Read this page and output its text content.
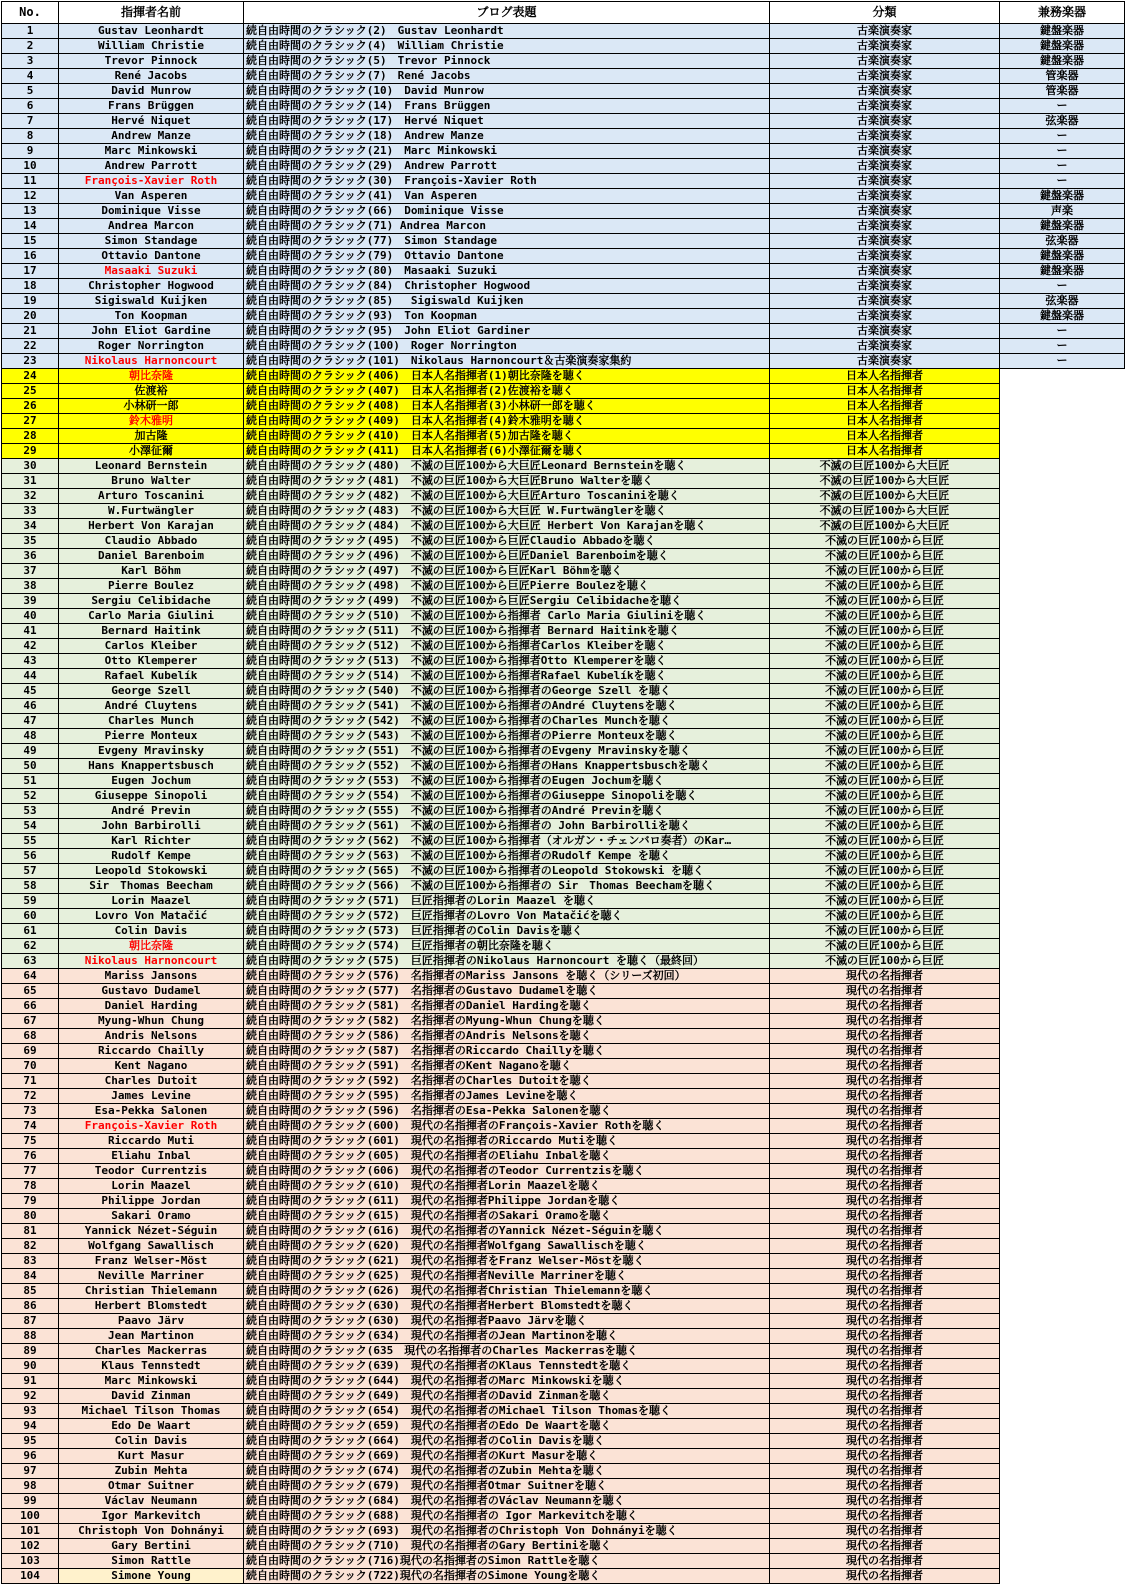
No.	指揮者名前	ブログ表題	分類	兼務楽器
1	Gustav Leonhardt	続自由時間のクラシック(2)　Gustav Leonhardt	古楽演奏家	鍵盤楽器
2	William Christie	続自由時間のクラシック(4)　William Christie	古楽演奏家	鍵盤楽器
3	Trevor Pinnock	続自由時間のクラシック(5)　Trevor Pinnock	古楽演奏家	鍵盤楽器
4	René Jacobs	続自由時間のクラシック(7)　René Jacobs	古楽演奏家	管楽器
5	David Munrow	続自由時間のクラシック(10)　David Munrow	古楽演奏家	管楽器
6	Frans Brüggen	続自由時間のクラシック(14)　Frans Brüggen	古楽演奏家	ー
7	Hervé Niquet	続自由時間のクラシック(17)　Hervé Niquet	古楽演奏家	弦楽器
8	Andrew Manze	続自由時間のクラシック(18)　Andrew Manze	古楽演奏家	ー
9	Marc Minkowski	続自由時間のクラシック(21)　Marc Minkowski	古楽演奏家	ー
10	Andrew Parrott	続自由時間のクラシック(29)　Andrew Parrott	古楽演奏家	ー
11	François-Xavier Roth	続自由時間のクラシック(30)　François-Xavier Roth	古楽演奏家	ー
12	Van Asperen	続自由時間のクラシック(41)　Van Asperen	古楽演奏家	鍵盤楽器
13	Dominique Visse	続自由時間のクラシック(66)　Dominique Visse	古楽演奏家	声楽
14	Andrea Marcon	続自由時間のクラシック(71) Andrea Marcon	古楽演奏家	鍵盤楽器
15	Simon Standage	続自由時間のクラシック(77)　Simon Standage	古楽演奏家	弦楽器
16	Ottavio Dantone	続自由時間のクラシック(79)　Ottavio Dantone	古楽演奏家	鍵盤楽器
17	Masaaki Suzuki	続自由時間のクラシック(80)　Masaaki Suzuki	古楽演奏家	鍵盤楽器
18	Christopher Hogwood	続自由時間のクラシック(84)　Christopher Hogwood	古楽演奏家	ー
19	Sigiswald Kuijken	続自由時間のクラシック(85)　 Sigiswald Kuijken	古楽演奏家	弦楽器
20	Ton Koopman	続自由時間のクラシック(93)　Ton Koopman	古楽演奏家	鍵盤楽器
21	John Eliot Gardine	続自由時間のクラシック(95)　John Eliot Gardiner	古楽演奏家	ー
22	Roger Norrington	続自由時間のクラシック(100)　Roger Norrington	古楽演奏家	ー
23	Nikolaus Harnoncourt	続自由時間のクラシック(101)　Nikolaus Harnoncourt＆古楽演奏家集約	古楽演奏家	ー
24	朝比奈隆	続自由時間のクラシック(406)　日本人名指揮者(1)朝比奈隆を聴く	日本人名指揮者	
25	佐渡裕	続自由時間のクラシック(407)　日本人名指揮者(2)佐渡裕を聴く	日本人名指揮者	
26	小林研一郎	続自由時間のクラシック(408)　日本人名指揮者(3)小林研一郎を聴く	日本人名指揮者	
27	鈴木雅明	続自由時間のクラシック(409)　日本人名指揮者(4)鈴木雅明を聴く	日本人名指揮者	
28	加古隆	続自由時間のクラシック(410)　日本人名指揮者(5)加古隆を聴く	日本人名指揮者	
29	小澤征爾	続自由時間のクラシック(411)　日本人名指揮者(6)小澤征爾を聴く	日本人名指揮者	
30	Leonard Bernstein	続自由時間のクラシック(480)　不滅の巨匠100から大巨匠Leonard Bernsteinを聴く	不滅の巨匠100から大巨匠	
31	Bruno Walter	続自由時間のクラシック(481)　不滅の巨匠100から大巨匠Bruno Walterを聴く	不滅の巨匠100から大巨匠	
32	Arturo Toscanini	続自由時間のクラシック(482)　不滅の巨匠100から大巨匠Arturo Toscaniniを聴く	不滅の巨匠100から大巨匠	
33	W.Furtwängler	続自由時間のクラシック(483)　不滅の巨匠100から大巨匠 W.Furtwänglerを聴く	不滅の巨匠100から大巨匠	
34	Herbert Von Karajan	続自由時間のクラシック(484)　不滅の巨匠100から大巨匠 Herbert Von Karajanを聴く	不滅の巨匠100から大巨匠	
35	Claudio Abbado	続自由時間のクラシック(495)　不滅の巨匠100から巨匠Claudio Abbadoを聴く	不滅の巨匠100から巨匠	
36	Daniel Barenboim	続自由時間のクラシック(496)　不滅の巨匠100から巨匠Daniel Barenboimを聴く	不滅の巨匠100から巨匠	
37	Karl Böhm	続自由時間のクラシック(497)　不滅の巨匠100から巨匠Karl Böhmを聴く	不滅の巨匠100から巨匠	
38	Pierre Boulez	続自由時間のクラシック(498)　不滅の巨匠100から巨匠Pierre Boulezを聴く	不滅の巨匠100から巨匠	
39	Sergiu Celibidache	続自由時間のクラシック(499)　不滅の巨匠100から巨匠Sergiu Celibidacheを聴く	不滅の巨匠100から巨匠	
40	Carlo Maria Giulini	続自由時間のクラシック(510)　不滅の巨匠100から指揮者 Carlo Maria Giuliniを聴く	不滅の巨匠100から巨匠	
41	Bernard Haitink	続自由時間のクラシック(511)　不滅の巨匠100から指揮者 Bernard Haitinkを聴く	不滅の巨匠100から巨匠	
42	Carlos Kleiber	続自由時間のクラシック(512)　不滅の巨匠100から指揮者Carlos Kleiberを聴く	不滅の巨匠100から巨匠	
43	Otto Klemperer	続自由時間のクラシック(513)　不滅の巨匠100から指揮者Otto Klempererを聴く	不滅の巨匠100から巨匠	
44	Rafael Kubelík	続自由時間のクラシック(514)　不滅の巨匠100から指揮者Rafael Kubelíkを聴く	不滅の巨匠100から巨匠	
45	George Szell	続自由時間のクラシック(540)　不滅の巨匠100から指揮者のGeorge Szell を聴く	不滅の巨匠100から巨匠	
46	André Cluytens	続自由時間のクラシック(541)　不滅の巨匠100から指揮者のAndré Cluytensを聴く	不滅の巨匠100から巨匠	
47	Charles Munch	続自由時間のクラシック(542)　不滅の巨匠100から指揮者のCharles Munchを聴く	不滅の巨匠100から巨匠	
48	Pierre Monteux	続自由時間のクラシック(543)　不滅の巨匠100から指揮者のPierre Monteuxを聴く	不滅の巨匠100から巨匠	
49	Evgeny Mravinsky	続自由時間のクラシック(551)　不滅の巨匠100から指揮者のEvgeny Mravinskyを聴く	不滅の巨匠100から巨匠	
50	Hans Knappertsbusch	続自由時間のクラシック(552)　不滅の巨匠100から指揮者のHans Knappertsbuschを聴く	不滅の巨匠100から巨匠	
51	Eugen Jochum	続自由時間のクラシック(553)　不滅の巨匠100から指揮者のEugen Jochumを聴く	不滅の巨匠100から巨匠	
52	Giuseppe Sinopoli	続自由時間のクラシック(554)　不滅の巨匠100から指揮者のGiuseppe Sinopoliを聴く	不滅の巨匠100から巨匠	
53	André Previn	続自由時間のクラシック(555)　不滅の巨匠100から指揮者のAndré Previnを聴く	不滅の巨匠100から巨匠	
54	John Barbirolli	続自由時間のクラシック(561)　不滅の巨匠100から指揮者の John Barbirolliを聴く	不滅の巨匠100から巨匠	
55	Karl Richter	続自由時間のクラシック(562)　不滅の巨匠100から指揮者（オルガン・チェンバロ奏者）のKar…	不滅の巨匠100から巨匠	
56	Rudolf Kempe	続自由時間のクラシック(563)　不滅の巨匠100から指揮者のRudolf Kempe を聴く	不滅の巨匠100から巨匠	
57	Leopold Stokowski	続自由時間のクラシック(565)　不滅の巨匠100から指揮者のLeopold Stokowski を聴く	不滅の巨匠100から巨匠	
58	Sir　Thomas Beecham	続自由時間のクラシック(566)　不滅の巨匠100から指揮者の Sir　Thomas Beechamを聴く	不滅の巨匠100から巨匠	
59	Lorin Maazel	続自由時間のクラシック(571)　巨匠指揮者のLorin Maazel を聴く	不滅の巨匠100から巨匠	
60	Lovro Von Matačić	続自由時間のクラシック(572)　巨匠指揮者のLovro Von Matačićを聴く	不滅の巨匠100から巨匠	
61	Colin Davis	続自由時間のクラシック(573)　巨匠指揮者のColin Davisを聴く	不滅の巨匠100から巨匠	
62	朝比奈隆	続自由時間のクラシック(574)　巨匠指揮者の朝比奈隆を聴く	不滅の巨匠100から巨匠	
63	Nikolaus Harnoncourt	続自由時間のクラシック(575)　巨匠指揮者のNikolaus Harnoncourt を聴く（最終回）	不滅の巨匠100から巨匠	
64	Mariss Jansons	続自由時間のクラシック(576)　名指揮者のMariss Jansons を聴く（シリーズ初回）	現代の名指揮者	
65	Gustavo Dudamel	続自由時間のクラシック(577)　名指揮者のGustavo Dudamelを聴く	現代の名指揮者	
66	Daniel Harding	続自由時間のクラシック(581)　名指揮者のDaniel Hardingを聴く	現代の名指揮者	
67	Myung-Whun Chung	続自由時間のクラシック(582)　名指揮者のMyung-Whun Chungを聴く	現代の名指揮者	
68	Andris Nelsons	続自由時間のクラシック(586)　名指揮者のAndris Nelsonsを聴く	現代の名指揮者	
69	Riccardo Chailly	続自由時間のクラシック(587)　名指揮者のRiccardo Chaillyを聴く	現代の名指揮者	
70	Kent Nagano	続自由時間のクラシック(591)　名指揮者のKent Naganoを聴く	現代の名指揮者	
71	Charles Dutoit	続自由時間のクラシック(592)　名指揮者のCharles Dutoitを聴く	現代の名指揮者	
72	James Levine	続自由時間のクラシック(595)　名指揮者のJames Levineを聴く	現代の名指揮者	
73	Esa-Pekka Salonen	続自由時間のクラシック(596)　名指揮者のEsa-Pekka Salonenを聴く	現代の名指揮者	
74	François-Xavier Roth	続自由時間のクラシック(600)　現代の名指揮者のFrançois-Xavier Rothを聴く	現代の名指揮者	
75	Riccardo Muti	続自由時間のクラシック(601)　現代の名指揮者のRiccardo Mutiを聴く	現代の名指揮者	
76	Eliahu Inbal	続自由時間のクラシック(605)　現代の名指揮者のEliahu Inbalを聴く	現代の名指揮者	
77	Teodor Currentzis	続自由時間のクラシック(606)　現代の名指揮者のTeodor Currentzisを聴く	現代の名指揮者	
78	Lorin Maazel	続自由時間のクラシック(610)　現代の名指揮者Lorin Maazelを聴く	現代の名指揮者	
79	Philippe Jordan	続自由時間のクラシック(611)　現代の名指揮者Philippe Jordanを聴く	現代の名指揮者	
80	Sakari Oramo	続自由時間のクラシック(615)　現代の名指揮者のSakari Oramoを聴く	現代の名指揮者	
81	Yannick Nézet-Séguin	続自由時間のクラシック(616)　現代の名指揮者のYannick Nézet-Séguinを聴く	現代の名指揮者	
82	Wolfgang Sawallisch	続自由時間のクラシック(620)　現代の名指揮者Wolfgang Sawallischを聴く	現代の名指揮者	
83	Franz Welser-Möst	続自由時間のクラシック(621)　現代の名指揮者をFranz Welser-Möstを聴く	現代の名指揮者	
84	Neville Marriner	続自由時間のクラシック(625)　現代の名指揮者Neville Marrinerを聴く	現代の名指揮者	
85	Christian Thielemann	続自由時間のクラシック(626)　現代の名指揮者Christian Thielemannを聴く	現代の名指揮者	
86	Herbert Blomstedt	続自由時間のクラシック(630)　現代の名指揮者Herbert Blomstedtを聴く	現代の名指揮者	
87	Paavo Järv	続自由時間のクラシック(630)　現代の名指揮者Paavo Järvを聴く	現代の名指揮者	
88	Jean Martinon	続自由時間のクラシック(634)　現代の名指揮者のJean Martinonを聴く	現代の名指揮者	
89	Charles Mackerras	続自由時間のクラシック(635　現代の名指揮者のCharles Mackerrasを聴く	現代の名指揮者	
90	Klaus Tennstedt	続自由時間のクラシック(639)　現代の名指揮者のKlaus Tennstedtを聴く	現代の名指揮者	
91	Marc Minkowski	続自由時間のクラシック(644)　現代の名指揮者のMarc Minkowskiを聴く	現代の名指揮者	
92	David Zinman	続自由時間のクラシック(649)　現代の名指揮者のDavid Zinmanを聴く	現代の名指揮者	
93	Michael Tilson Thomas	続自由時間のクラシック(654)　現代の名指揮者のMichael Tilson Thomasを聴く	現代の名指揮者	
94	Edo De Waart	続自由時間のクラシック(659)　現代の名指揮者のEdo De Waartを聴く	現代の名指揮者	
95	Colin Davis	続自由時間のクラシック(664)　現代の名指揮者のColin Davisを聴く	現代の名指揮者	
96	Kurt Masur	続自由時間のクラシック(669)　現代の名指揮者のKurt Masurを聴く	現代の名指揮者	
97	Zubin Mehta	続自由時間のクラシック(674)　現代の名指揮者のZubin Mehtaを聴く	現代の名指揮者	
98	Otmar Suitner	続自由時間のクラシック(679)　現代の名指揮者Otmar Suitnerを聴く	現代の名指揮者	
99	Václav Neumann	続自由時間のクラシック(684)　現代の名指揮者のVáclav Neumannを聴く	現代の名指揮者	
100	Igor Markevitch	続自由時間のクラシック(688)　現代の名指揮者の Igor Markevitchを聴く	現代の名指揮者	
101	Christoph Von Dohnányi	続自由時間のクラシック(693)　現代の名指揮者のChristoph Von Dohnányiを聴く	現代の名指揮者	
102	Gary Bertini	続自由時間のクラシック(710)　現代の名指揮者のGary Bertiniを聴く	現代の名指揮者	
103	Simon Rattle	続自由時間のクラシック(716)現代の名指揮者のSimon Rattleを聴く	現代の名指揮者	
104	Simone Young	続自由時間のクラシック(722)現代の名指揮者のSimone Youngを聴く	現代の名指揮者	
